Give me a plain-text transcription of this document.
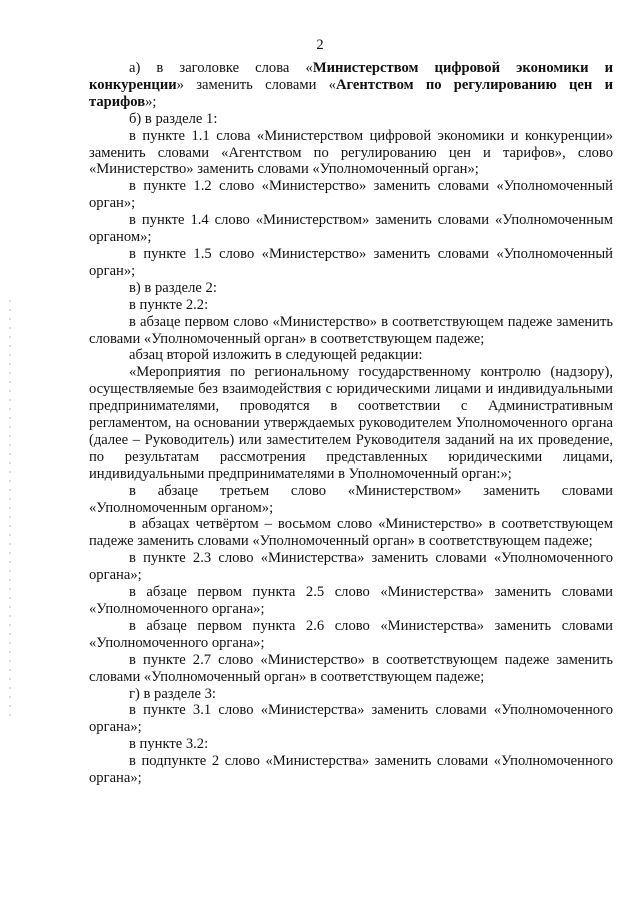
2

а) в заголовке слова «Министерством цифровой экономики и конкуренции» заменить словами «Агентством по регулированию цен и тарифов»;

б) в разделе 1:

в пункте 1.1 слова «Министерством цифровой экономики и конкуренции» заменить словами «Агентством по регулированию цен и тарифов», слово «Министерство» заменить словами «Уполномоченный орган»;

в пункте 1.2 слово «Министерство» заменить словами «Уполномоченный орган»;

в пункте 1.4 слово «Министерством» заменить словами «Уполномоченным органом»;

в пункте 1.5 слово «Министерство» заменить словами «Уполномоченный орган»;

в) в разделе 2:

в пункте 2.2:

в абзаце первом слово «Министерство» в соответствующем падеже заменить словами «Уполномоченный орган» в соответствующем падеже;

абзац второй изложить в следующей редакции:

«Мероприятия по региональному государственному контролю (надзору), осуществляемые без взаимодействия с юридическими лицами и индивидуальными предпринимателями, проводятся в соответствии с Административным регламентом, на основании утверждаемых руководителем Уполномоченного органа (далее – Руководитель) или заместителем Руководителя заданий на их проведение, по результатам рассмотрения представленных юридическими лицами, индивидуальными предпринимателями в Уполномоченный орган:»;

в абзаце третьем слово «Министерством» заменить словами «Уполномоченным органом»;

в абзацах четвёртом – восьмом слово «Министерство» в соответствующем падеже заменить словами «Уполномоченный орган» в соответствующем падеже;

в пункте 2.3 слово «Министерства» заменить словами «Уполномоченного органа»;

в абзаце первом пункта 2.5 слово «Министерства» заменить словами «Уполномоченного органа»;

в абзаце первом пункта 2.6 слово «Министерства» заменить словами «Уполномоченного органа»;

в пункте 2.7 слово «Министерство» в соответствующем падеже заменить словами «Уполномоченный орган» в соответствующем падеже;

г) в разделе 3:

в пункте 3.1 слово «Министерства» заменить словами «Уполномоченного органа»;

в пункте 3.2:

в подпункте 2 слово «Министерства» заменить словами «Уполномоченного органа»;
